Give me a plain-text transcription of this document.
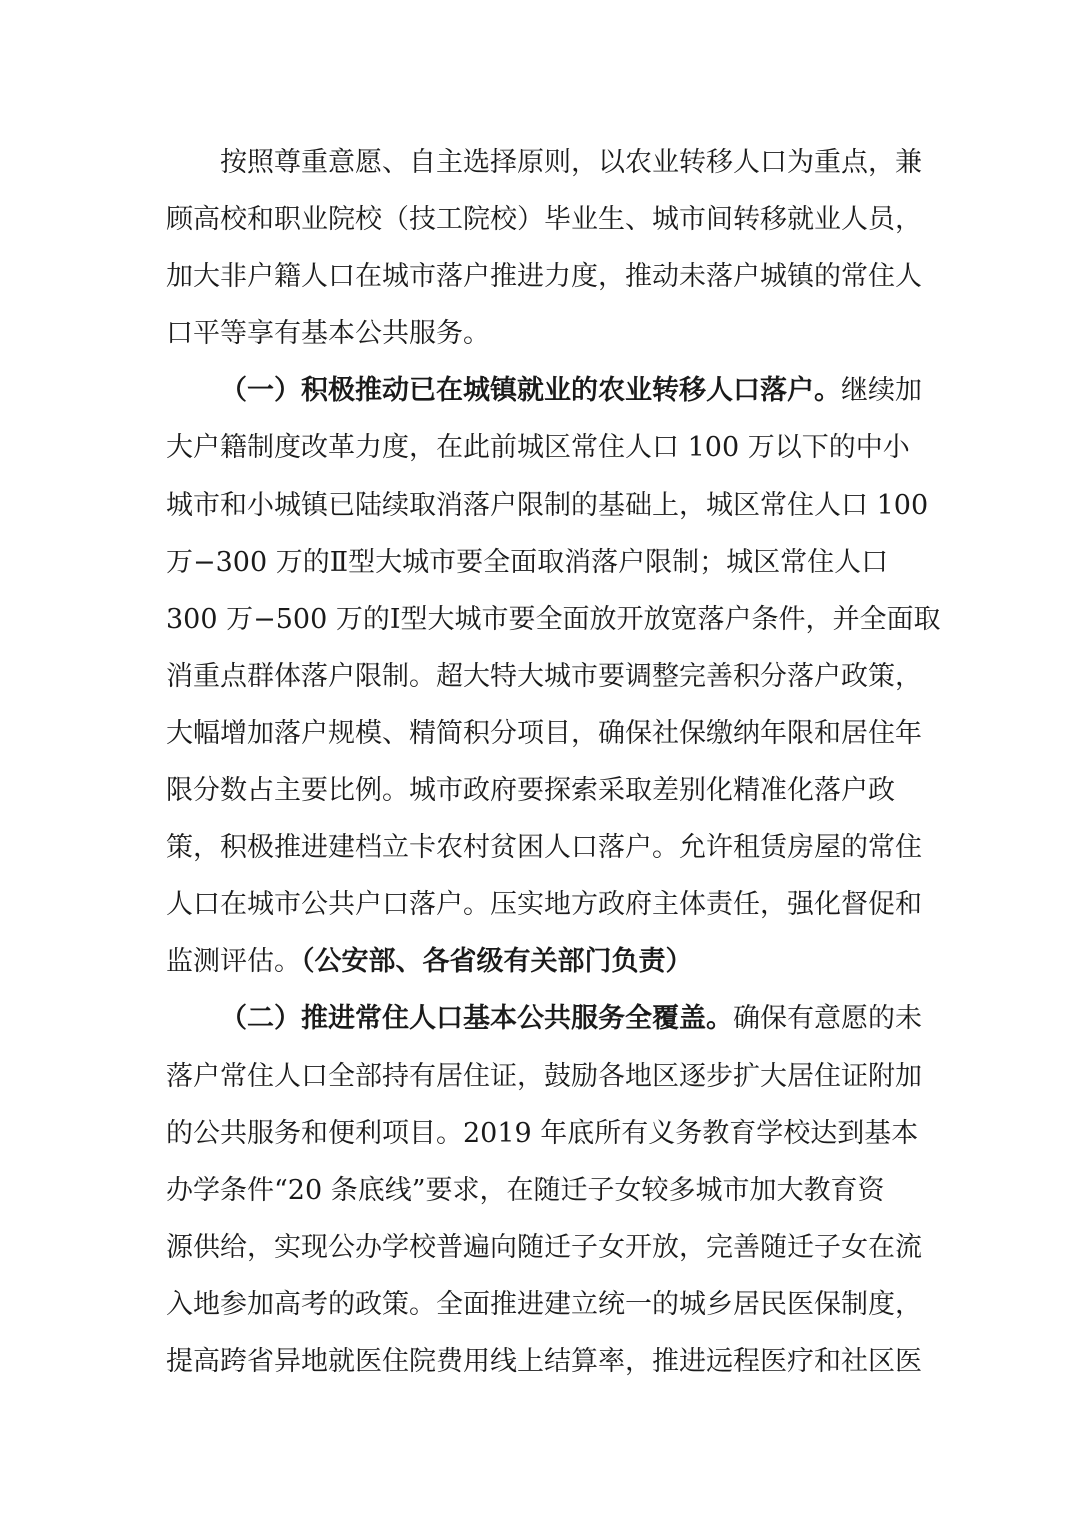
按照尊重意愿、自主选择原则，以农业转移人口为重点，兼
顾高校和职业院校（技工院校）毕业生、城市间转移就业人员，
加大非户籍人口在城市落户推进力度，推动未落户城镇的常住人
口平等享有基本公共服务。
（一）积极推动已在城镇就业的农业转移人口落户。继续加
大户籍制度改革力度，在此前城区常住人口 100 万以下的中小
城市和小城镇已陆续取消落户限制的基础上，城区常住人口 100
万−300 万的Ⅱ型大城市要全面取消落户限制；城区常住人口
300 万−500 万的Ⅰ型大城市要全面放开放宽落户条件，并全面取
消重点群体落户限制。超大特大城市要调整完善积分落户政策，
大幅增加落户规模、精简积分项目，确保社保缴纳年限和居住年
限分数占主要比例。城市政府要探索采取差别化精准化落户政
策，积极推进建档立卡农村贫困人口落户。允许租赁房屋的常住
人口在城市公共户口落户。压实地方政府主体责任，强化督促和
监测评估。（公安部、各省级有关部门负责）
（二）推进常住人口基本公共服务全覆盖。确保有意愿的未
落户常住人口全部持有居住证，鼓励各地区逐步扩大居住证附加
的公共服务和便利项目。2019 年底所有义务教育学校达到基本
办学条件“20 条底线”要求，在随迁子女较多城市加大教育资
源供给，实现公办学校普遍向随迁子女开放，完善随迁子女在流
入地参加高考的政策。全面推进建立统一的城乡居民医保制度，
提高跨省异地就医住院费用线上结算率，推进远程医疗和社区医
